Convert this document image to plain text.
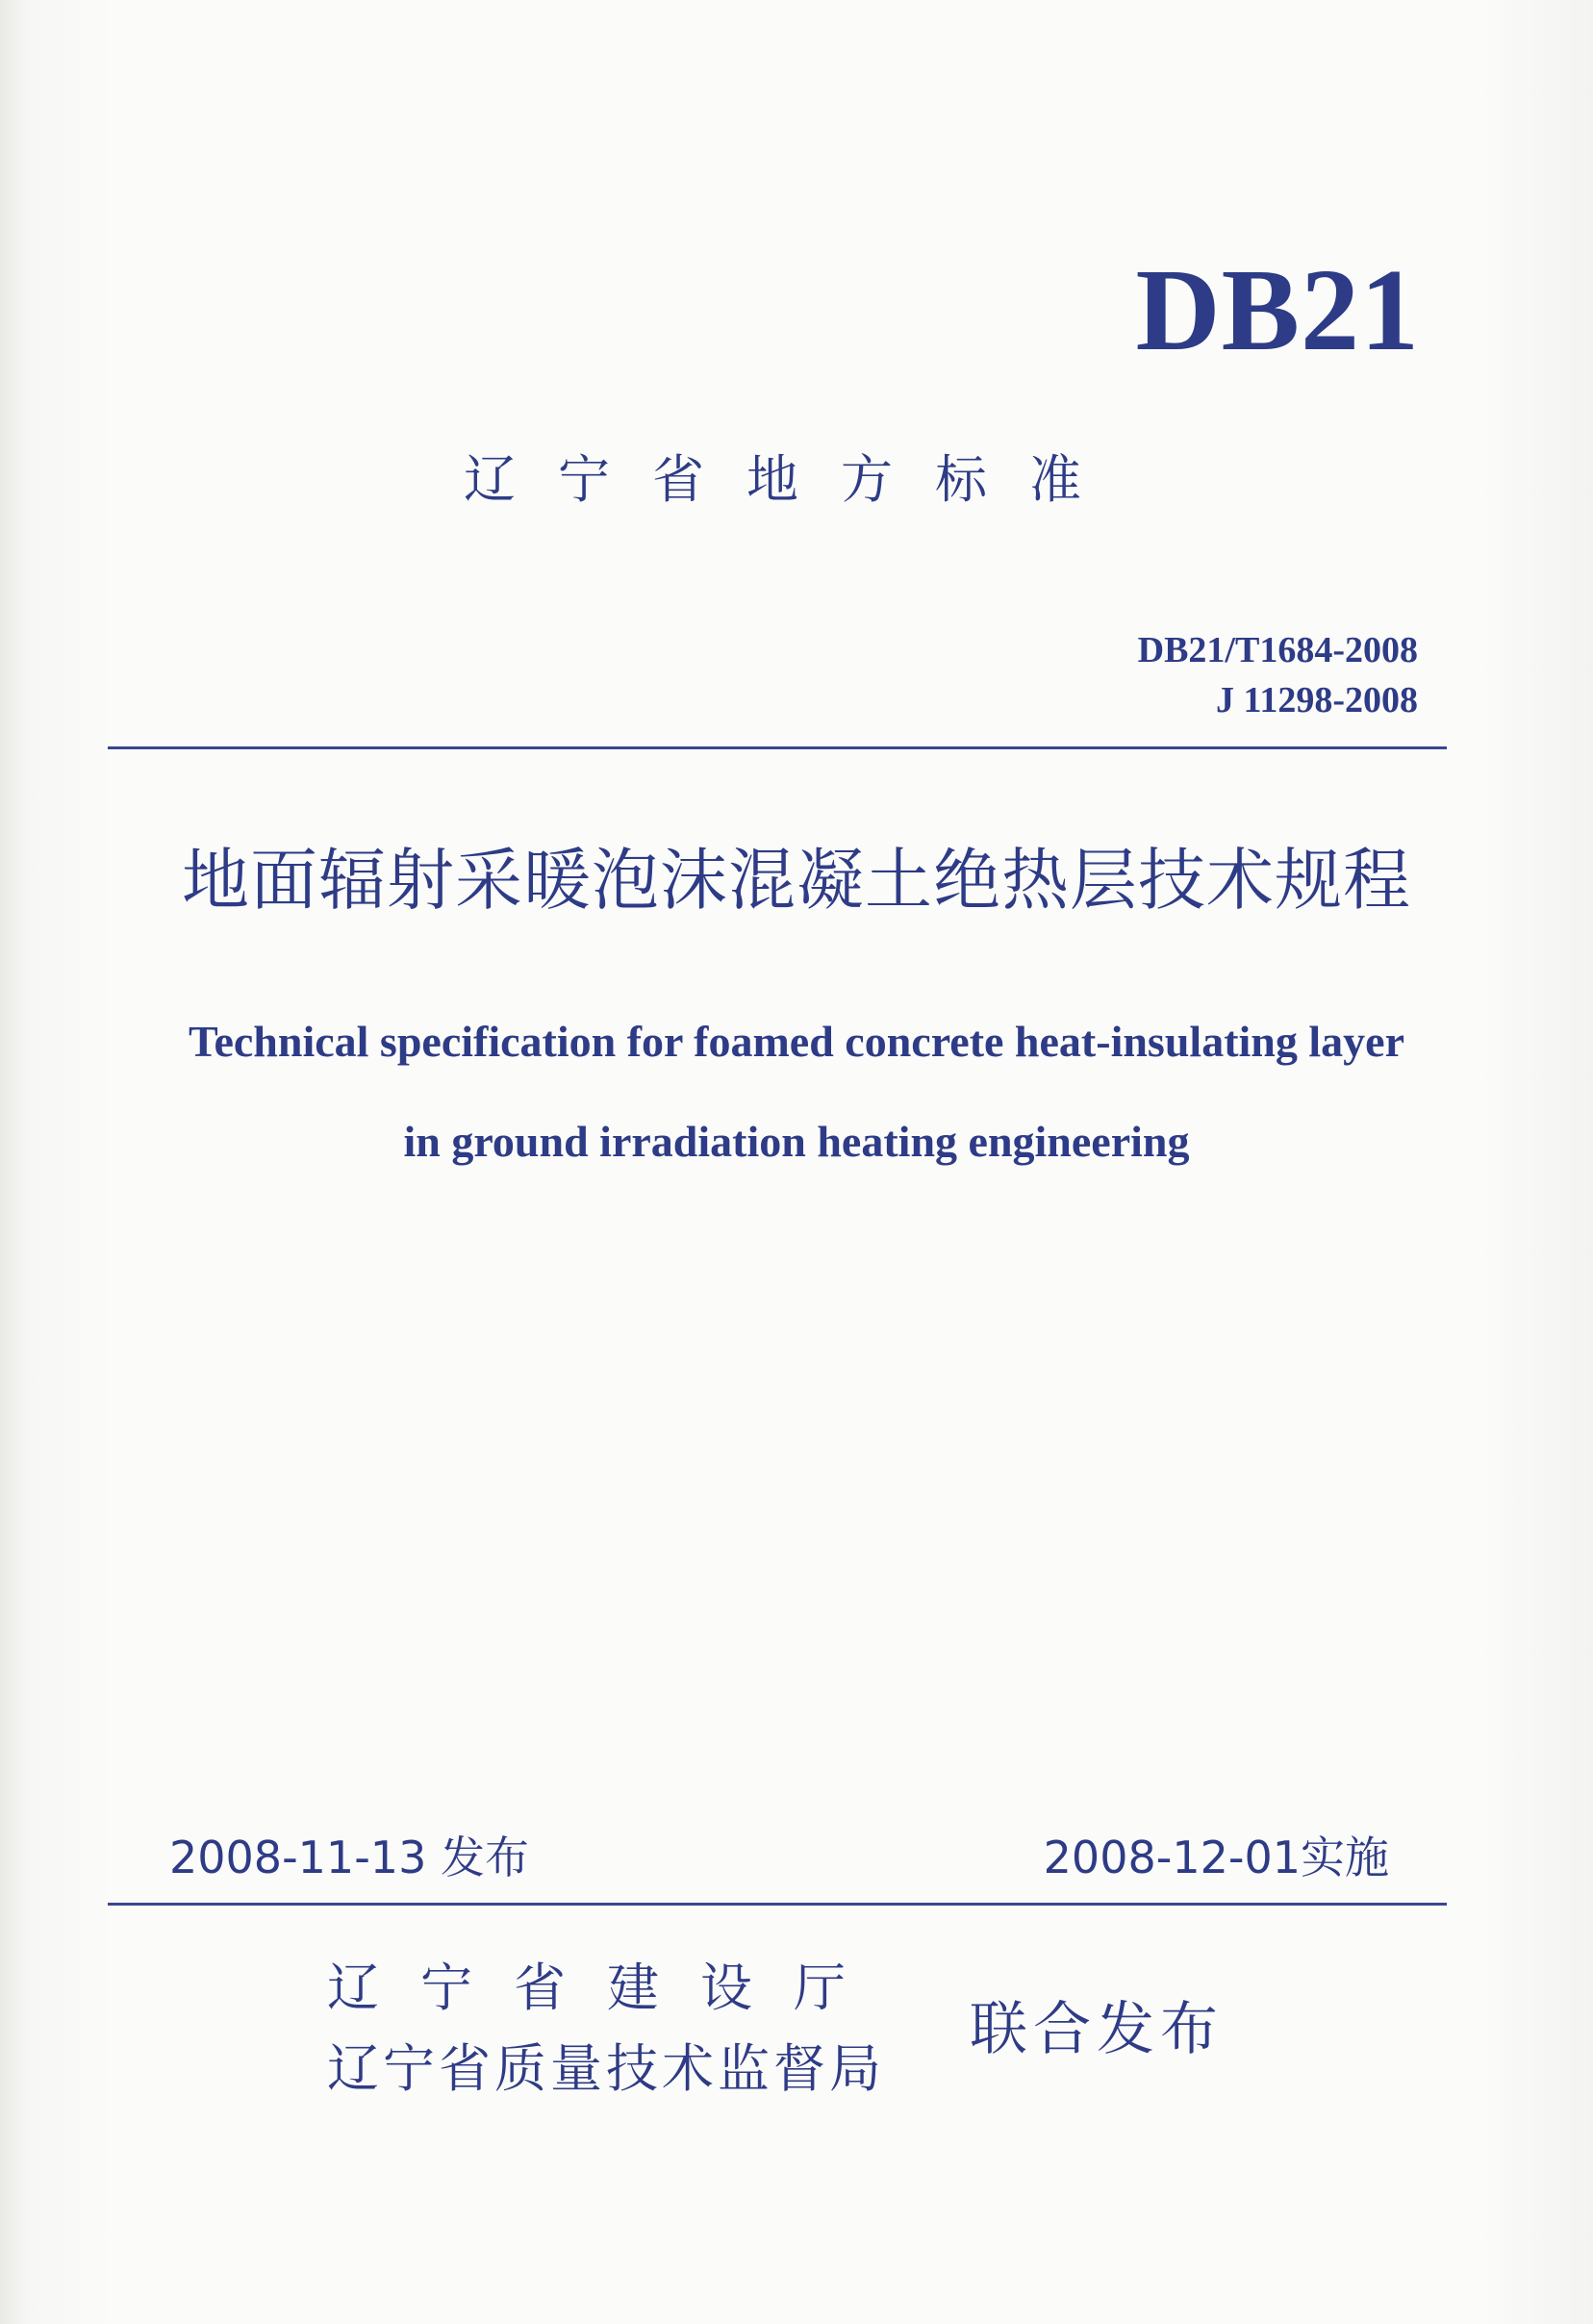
DB21
辽宁省地方标准
DB21/T1684-2008
J 11298-2008
地面辐射采暖泡沫混凝土绝热层技术规程
Technical specification for foamed concrete heat-insulating layer
in ground irradiation heating engineering
2008-11-13 发布	2008-12-01实施
辽宁省建设厅
辽宁省质量技术监督局
联合发布
